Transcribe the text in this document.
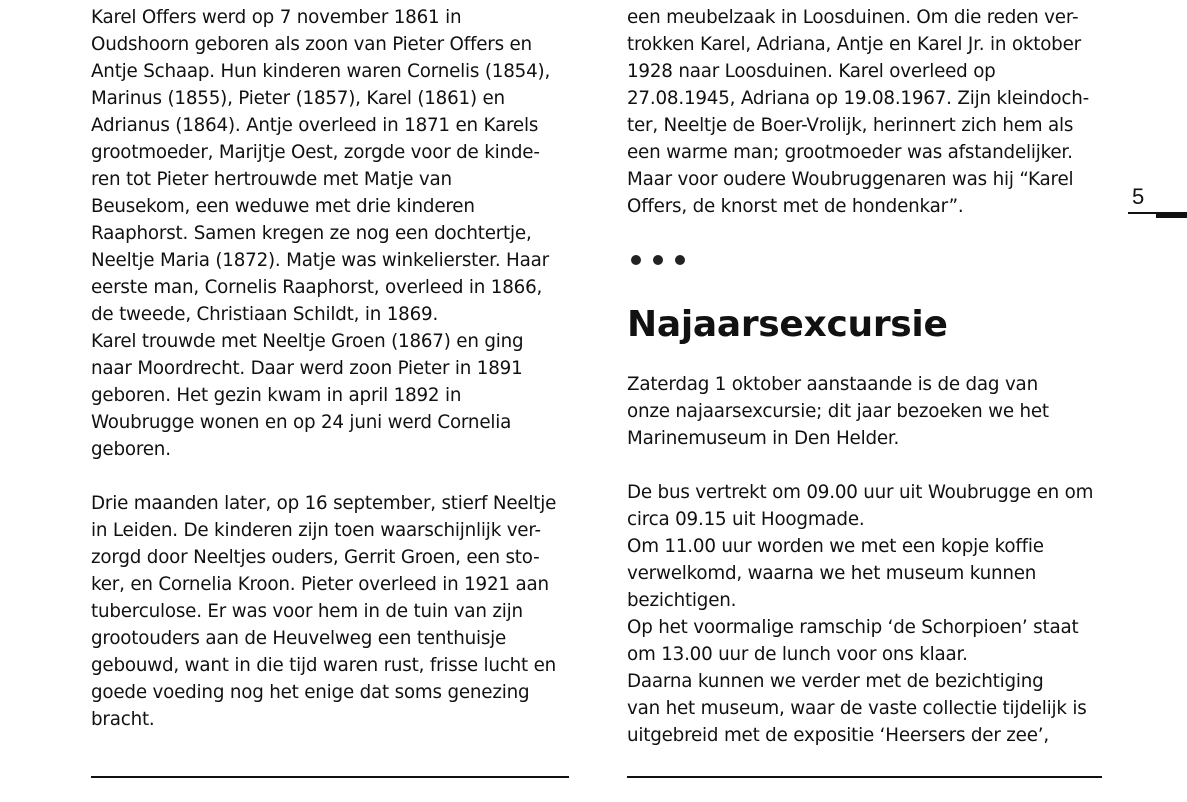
Karel Offers werd op 7 november 1861 in
Oudshoorn geboren als zoon van Pieter Offers en
Antje Schaap. Hun kinderen waren Cornelis (1854),
Marinus (1855), Pieter (1857), Karel (1861) en
Adrianus (1864). Antje overleed in 1871 en Karels
grootmoeder, Marijtje Oest, zorgde voor de kinde-
ren tot Pieter hertrouwde met Matje van
Beusekom, een weduwe met drie kinderen
Raaphorst. Samen kregen ze nog een dochtertje,
Neeltje Maria (1872). Matje was winkelierster. Haar
eerste man, Cornelis Raaphorst, overleed in 1866,
de tweede, Christiaan Schildt, in 1869.
Karel trouwde met Neeltje Groen (1867) en ging
naar Moordrecht. Daar werd zoon Pieter in 1891
geboren. Het gezin kwam in april 1892 in
Woubrugge wonen en op 24 juni werd Cornelia
geboren.
Drie maanden later, op 16 september, stierf Neeltje
in Leiden. De kinderen zijn toen waarschijnlijk ver-
zorgd door Neeltjes ouders, Gerrit Groen, een sto-
ker, en Cornelia Kroon. Pieter overleed in 1921 aan
tuberculose. Er was voor hem in de tuin van zijn
grootouders aan de Heuvelweg een tenthuisje
gebouwd, want in die tijd waren rust, frisse lucht en
goede voeding nog het enige dat soms genezing
bracht.
een meubelzaak in Loosduinen. Om die reden ver-
trokken Karel, Adriana, Antje en Karel Jr. in oktober
1928 naar Loosduinen. Karel overleed op
27.08.1945, Adriana op 19.08.1967. Zijn kleindoch-
ter, Neeltje de Boer-Vrolijk, herinnert zich hem als
een warme man; grootmoeder was afstandelijker.
Maar voor oudere Woubruggenaren was hij “Karel
Offers, de knorst met de hondenkar”.
Najaarsexcursie
Zaterdag 1 oktober aanstaande is de dag van
onze najaarsexcursie; dit jaar bezoeken we het
Marinemuseum in Den Helder.
De bus vertrekt om 09.00 uur uit Woubrugge en om
circa 09.15 uit Hoogmade.
Om 11.00 uur worden we met een kopje koffie
verwelkomd, waarna we het museum kunnen
bezichtigen.
Op het voormalige ramschip ‘de Schorpioen’ staat
om 13.00 uur de lunch voor ons klaar.
Daarna kunnen we verder met de bezichtiging
van het museum, waar de vaste collectie tijdelijk is
uitgebreid met de expositie ‘Heersers der zee’,
5
